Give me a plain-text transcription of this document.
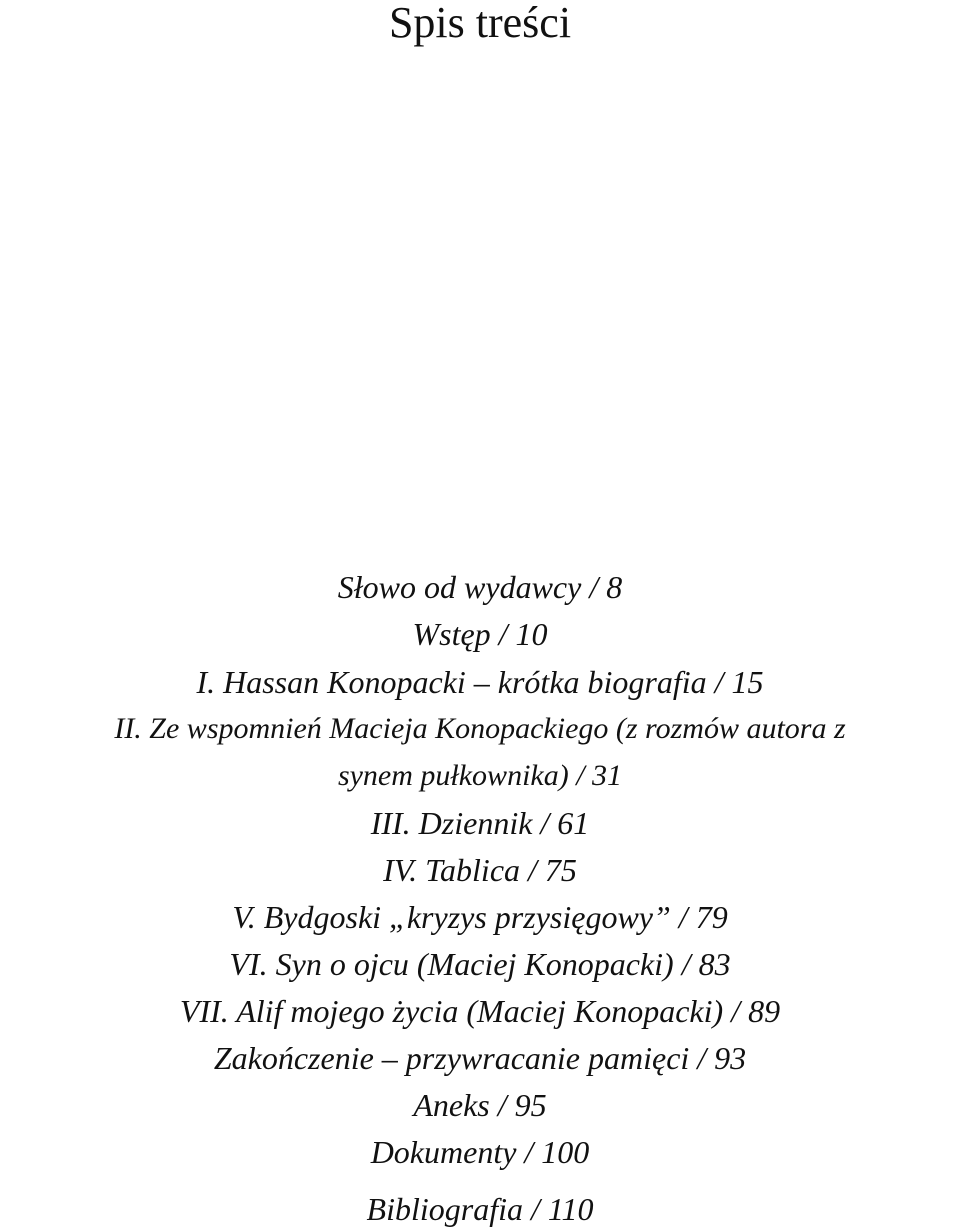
Spis treści
Słowo od wydawcy / 8
Wstęp / 10
I. Hassan Konopacki – krótka biografia / 15
II. Ze wspomnień Macieja Konopackiego (z rozmów autora z
synem pułkownika) / 31
III. Dziennik / 61
IV. Tablica / 75
V. Bydgoski „kryzys przysięgowy” / 79
VI. Syn o ojcu (Maciej Konopacki) / 83
VII. Alif mojego życia (Maciej Konopacki) / 89
Zakończenie – przywracanie pamięci / 93
Aneks / 95
Dokumenty / 100
Bibliografia / 110
